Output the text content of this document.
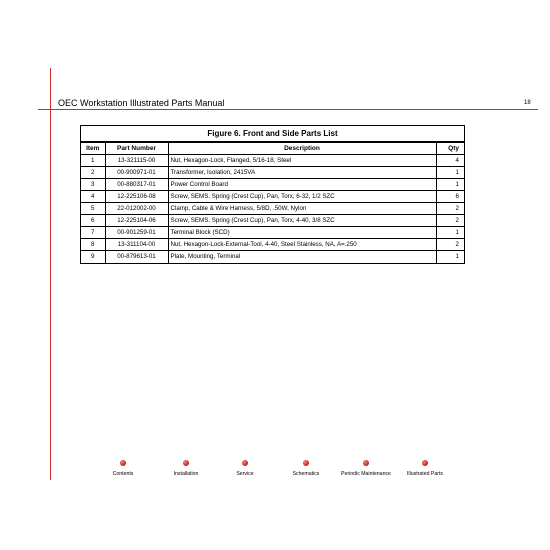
OEC Workstation Illustrated Parts Manual	18
Figure 6. Front and Side Parts List
Item	Part Number	Description	Qty
1	13-321115-00	Nut, Hexagon-Lock, Flanged, 5/16-18, Steel	4
2	00-900971-01	Transformer, Isolation, 2415VA	1
3	00-880317-01	Power Control Board	1
4	12-225106-08	Screw, SEMS, Spring (Crest Cup), Pan, Torx, 6-32, 1/2 SZC	6
5	22-012002-00	Clamp, Cable & Wire Harness, 5/8D, .50W, Nylon	2
6	12-225104-06	Screw, SEMS, Spring (Crest Cup), Pan, Torx, 4-40, 3/8 SZC	2
7	00-901259-01	Terminal Block (SCD)	1
8	13-311104-00	Nut, Hexagon-Lock-External-Tool, 4-40, Steel Stainless, NA, A=.250	2
9	00-879613-01	Plate, Mounting, Terminal	1
Contents	Installation	Service	Schematics	Periodic Maintenance	Illustrated Parts
